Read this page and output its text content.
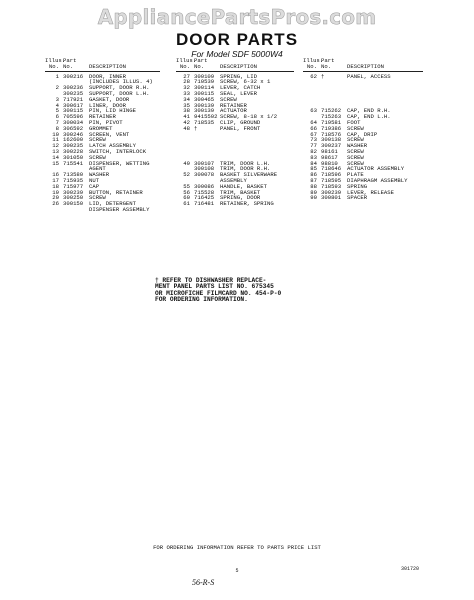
AppliancePartsPros.com
DOOR PARTS
For Model SDF 5000W4
Illus.
Part
No. No.	DESCRIPTION
1 300216	DOOR, INNER
(INCLUDES ILLUS. 4)
2 300236	SUPPORT, DOOR R.H.
300235	SUPPORT, DOOR L.H.
3 717921	GASKET, DOOR
4 300617	LINER, DOOR
5 300115	PIN, LID HINGE
6 705596	RETAINER
7 300034	PIN, PIVOT
8 306592	GROMMET
10 300246	SCREEN, VENT
11 162600	SCREW
12 300235	LATCH ASSEMBLY
13 300228	SWITCH, INTERLOCK
14 301050	SCREW
15 715541	DISPENSER, WETTING
AGENT
16 713580	WASHER
17 715935	NUT
18 715977	CAP
19 300239	BUTTON, RETAINER
20 300250	SCREW
26 300150	LID, DETERGENT
DISPENSER ASSEMBLY
Illus.
Part
No. No.	DESCRIPTION
27 300109	SPRING, LID
28 710539	SCREW, 6-32 x 1
32 300114	LEVER, CATCH
33 300115	SEAL, LEVER
34 300465	SCREW
35 300139	RETAINER
38 300139	ACTUATOR
41 9415502 SCREW, 8-18 x 1/2
42 718535	CLIP, GROUND
48 †	PANEL, FRONT
49 300107	TRIM, DOOR L.H.
300108	TRIM, DOOR R.H.
52 300078	BASKET SILVERWARE
ASSEMBLY
55 300086	HANDLE, BASKET
56 715528	TRIM, BASKET
60 716425	SPRING, DOOR
61 716481	RETAINER, SPRING
Illus.
Part
No. No.	DESCRIPTION
62 †	PANEL, ACCESS
63 715262	CAP, END R.H.
715263	CAP, END L.H.
64 719581	FOOT
66 719386	SCREW
67 718576	CAP, DRIP
73 300138	SCREW
77 300237	WASHER
82 98161	SCREW
83 98617	SCREW
84 98810	SCREW
85 718646	ACTUATOR ASSEMBLY
86 718596	PLATE
87 718595	DIAPHRAGM ASSEMBLY
88 718593	SPRING
89 300239	LEVER, RELEASE
90 300801	SPACER
† REFER TO DISHWASHER REPLACE-
MENT PANEL PARTS LIST NO. 675345
OR MICROFICHE FILMCARD NO. 454-P-0
FOR ORDERING INFORMATION.
FOR ORDERING INFORMATION REFER TO PARTS PRICE LIST
5	301720
56-R-S
